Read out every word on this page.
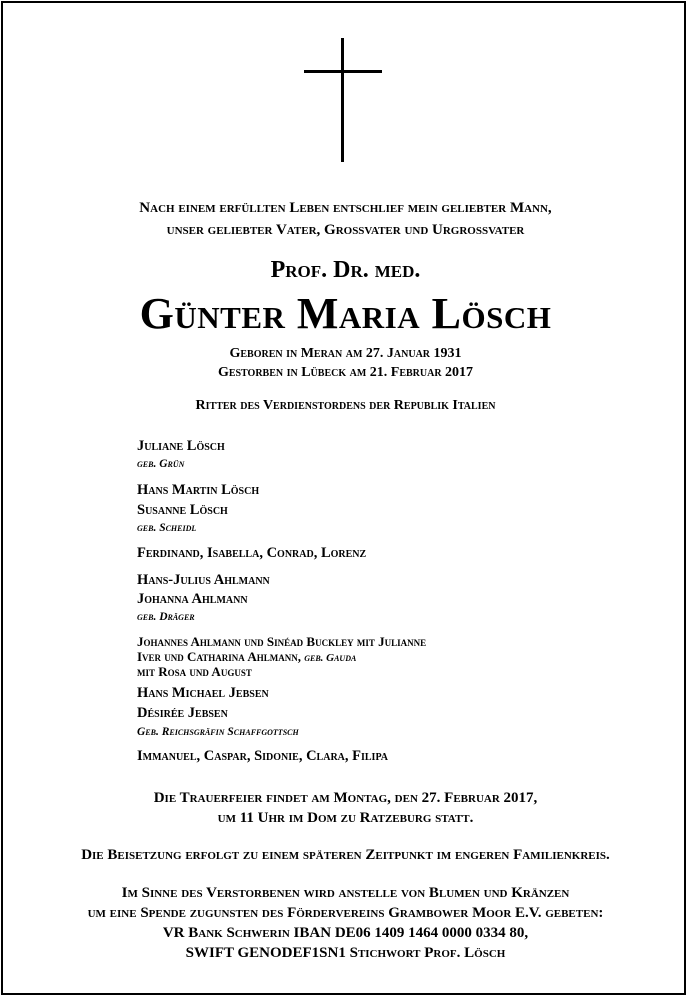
Nach einem erfüllten Leben entschlief mein geliebter Mann,
unser geliebter Vater, Grossvater und Urgrossvater
Prof. Dr. med.
Günter Maria Lösch
Geboren in Meran am 27. Januar 1931
Gestorben in Lübeck am 21. Februar 2017
Ritter des Verdienstordens der Republik Italien
Juliane Lösch
geb. Grün
Hans Martin Lösch
Susanne Lösch
geb. Scheidl
Ferdinand, Isabella, Conrad, Lorenz
Hans-Julius Ahlmann
Johanna Ahlmann
geb. Dräger
Johannes Ahlmann und Sinéad Buckley mit Julianne
Iver und Catharina Ahlmann, geb. Gauda
mit Rosa und August
Hans Michael Jebsen
Désirée Jebsen
Geb. Reichsgräfin Schaffgottsch
Immanuel, Caspar, Sidonie, Clara, Filipa
Die Trauerfeier findet am Montag, den 27. Februar 2017,
um 11 Uhr im Dom zu Ratzeburg statt.
Die Beisetzung erfolgt zu einem späteren Zeitpunkt im engeren Familienkreis.
Im Sinne des Verstorbenen wird anstelle von Blumen und Kränzen
um eine Spende zugunsten des Fördervereins Grambower Moor E.V. gebeten:
VR Bank Schwerin IBAN DE06 1409 1464 0000 0334 80,
SWIFT GENODEF1SN1 Stichwort Prof. Lösch
